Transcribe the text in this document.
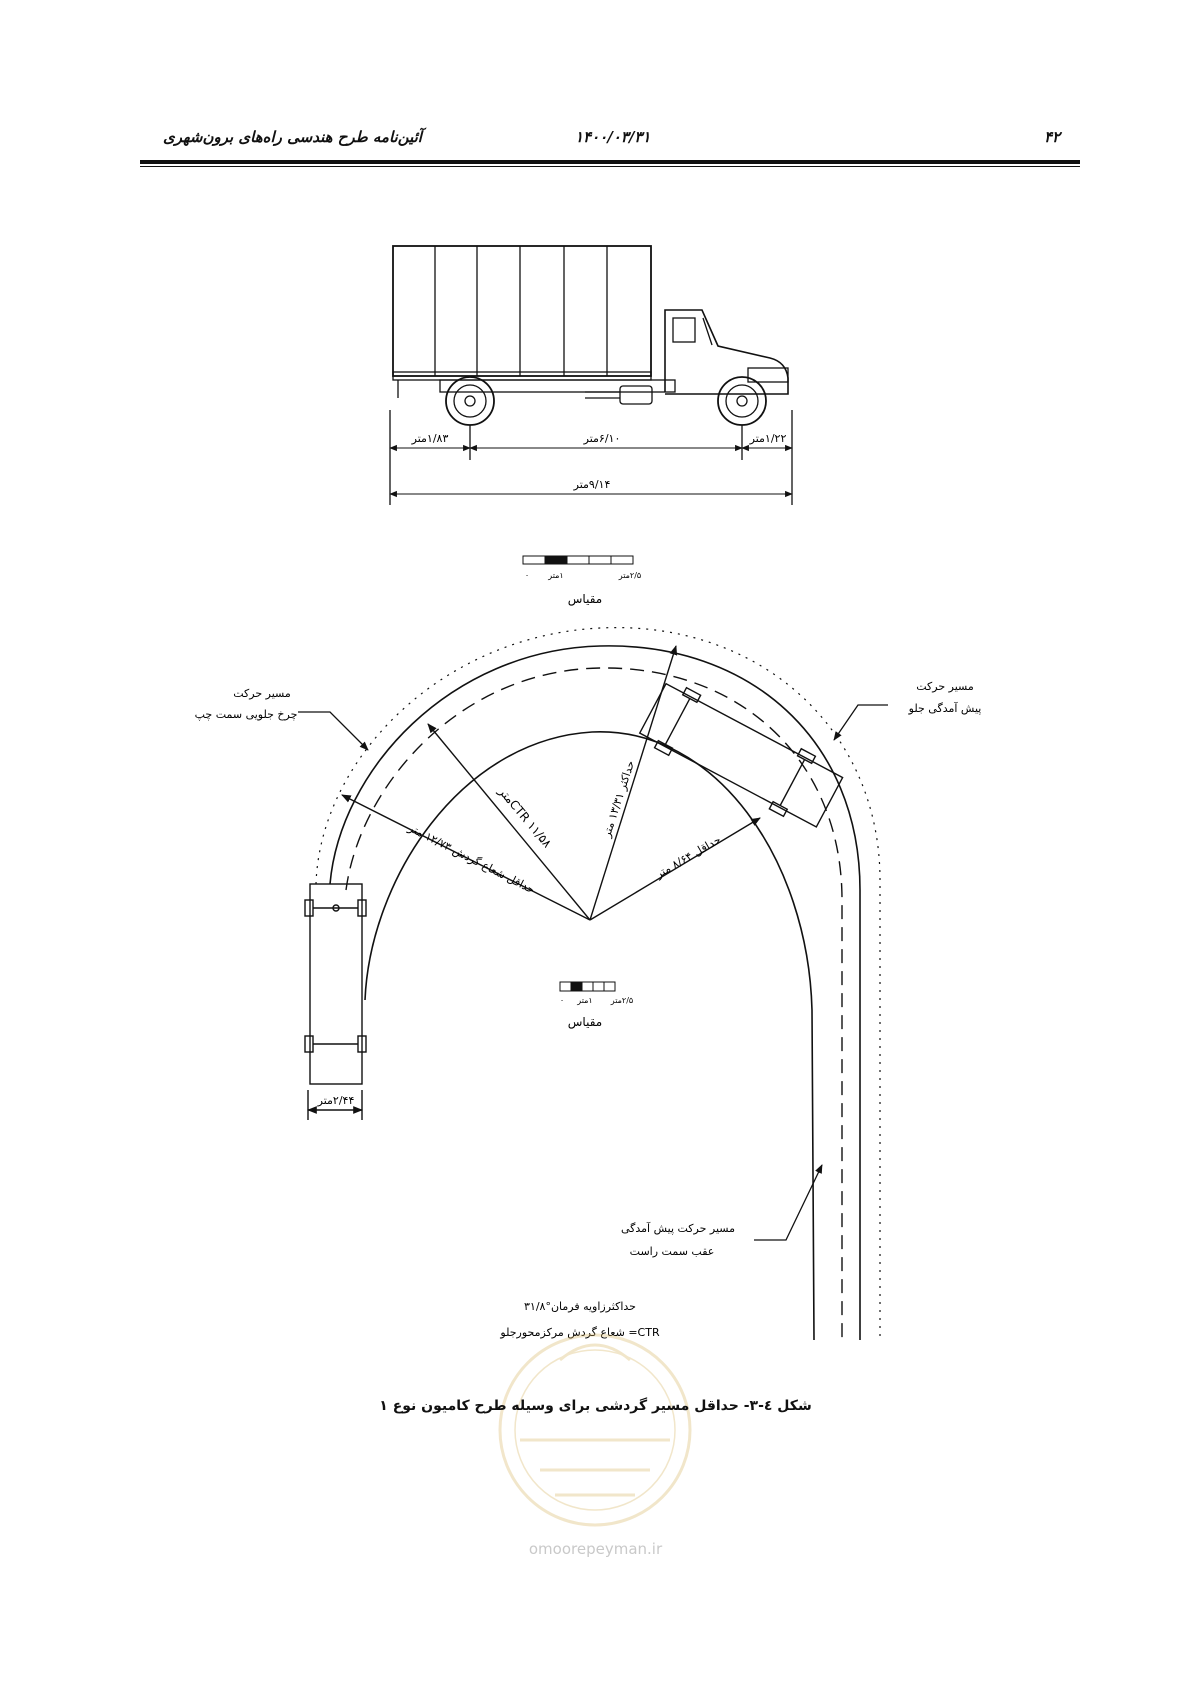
۴۲
۱۴۰۰/۰۳/۳۱
آئین‌نامه طرح هندسی راه‌های برون‌شهری
۱/۸۳متر	۶/۱۰متر	۱/۲۲متر
۹/۱۴متر
۰ ۱متر	۲/۵متر
مقیاس
حداقل شعاع گردش ۱۲/۷۳ متر
CTR ۱۱/۵۸متر	حداکثر ۱۳/۳۱ متر
حداقل ۸/۶۴ متر
۲/۴۴متر
مسیر حرکت
چرخ جلویی سمت چپ
مسیر حرکت
پیش آمدگی جلو
مسیر حرکت پیش آمدگی
عقب سمت راست
۰ ۱متر ۲/۵متر
مقیاس
حداکثرزاویه فرمان°۳۱/۸
CTR= شعاع گردش مرکزمحورجلو
شکل ٤-٣- حداقل مسیر گردشی برای وسیله طرح کامیون نوع ۱
omoorepeyman.ir
